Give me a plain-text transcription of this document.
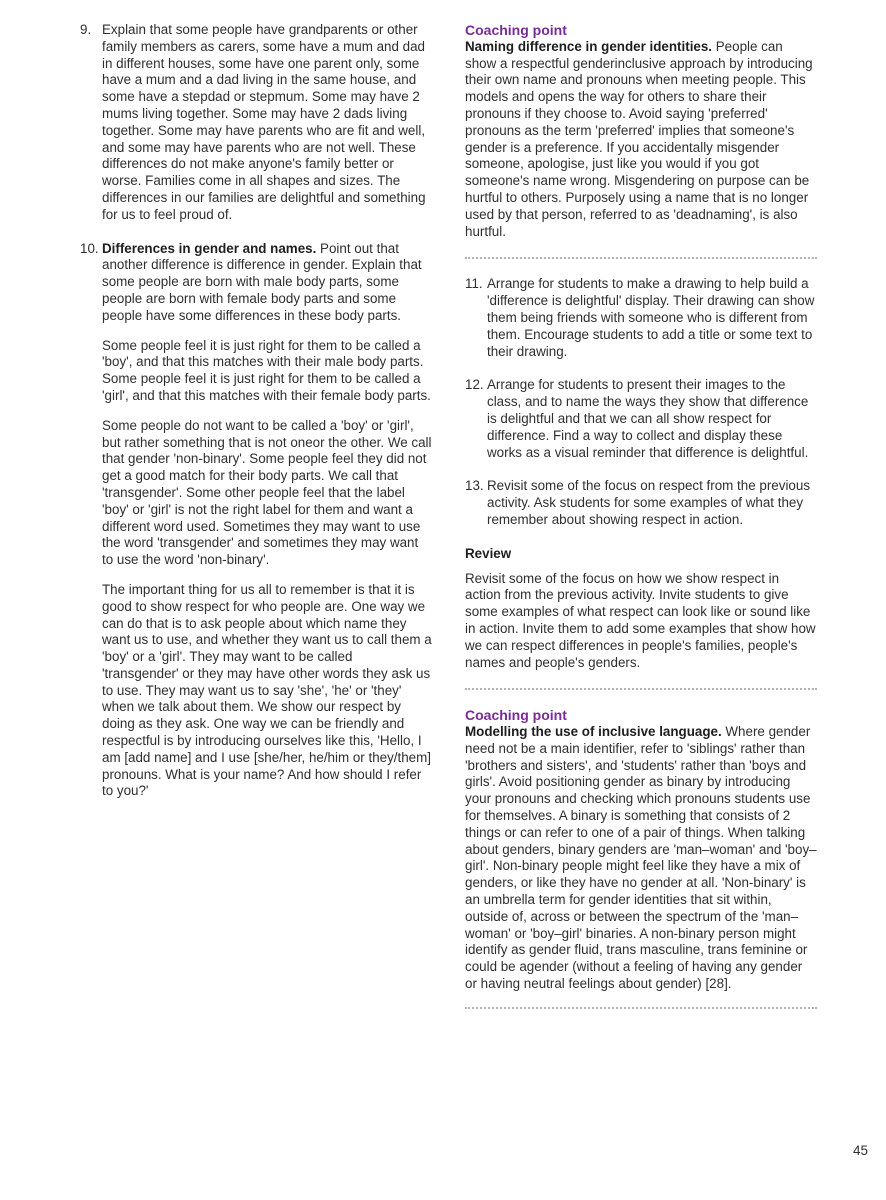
9. Explain that some people have grandparents or other family members as carers, some have a mum and dad in different houses, some have one parent only, some have a mum and a dad living in the same house, and some have a stepdad or stepmum. Some may have 2 mums living together. Some may have 2 dads living together. Some may have parents who are fit and well, and some may have parents who are not well. These differences do not make anyone's family better or worse. Families come in all shapes and sizes. The differences in our families are delightful and something for us to feel proud of.

10. Differences in gender and names. Point out that another difference is difference in gender. Explain that some people are born with male body parts, some people are born with female body parts and some people have some differences in these body parts.

Some people feel it is just right for them to be called a 'boy', and that this matches with their male body parts. Some people feel it is just right for them to be called a 'girl', and that this matches with their female body parts.

Some people do not want to be called a 'boy' or 'girl', but rather something that is not oneor the other. We call that gender 'non-binary'. Some people feel they did not get a good match for their body parts. We call that 'transgender'. Some other people feel that the label 'boy' or 'girl' is not the right label for them and want a different word used. Sometimes they may want to use the word 'transgender' and sometimes they may want to use the word 'non-binary'.

The important thing for us all to remember is that it is good to show respect for who people are. One way we can do that is to ask people about which name they want us to use, and whether they want us to call them a 'boy' or a 'girl'. They may want to be called 'transgender' or they may have other words they ask us to use. They may want us to say 'she', 'he' or 'they' when we talk about them. We show our respect by doing as they ask. One way we can be friendly and respectful is by introducing ourselves like this, 'Hello, I am [add name] and I use [she/her, he/him or they/them] pronouns. What is your name? And how should I refer to you?'

Coaching point

Naming difference in gender identities. People can show a respectful genderinclusive approach by introducing their own name and pronouns when meeting people. This models and opens the way for others to share their pronouns if they choose to. Avoid saying 'preferred' pronouns as the term 'preferred' implies that someone's gender is a preference. If you accidentally misgender someone, apologise, just like you would if you got someone's name wrong. Misgendering on purpose can be hurtful to others. Purposely using a name that is no longer used by that person, referred to as 'deadnaming', is also hurtful.

11. Arrange for students to make a drawing to help build a 'difference is delightful' display. Their drawing can show them being friends with someone who is different from them. Encourage students to add a title or some text to their drawing.
12. Arrange for students to present their images to the class, and to name the ways they show that difference is delightful and that we can all show respect for difference. Find a way to collect and display these works as a visual reminder that difference is delightful.
13. Revisit some of the focus on respect from the previous activity. Ask students for some examples of what they remember about showing respect in action.

Review

Revisit some of the focus on how we show respect in action from the previous activity. Invite students to give some examples of what respect can look like or sound like in action. Invite them to add some examples that show how we can respect differences in people's families, people's names and people's genders.

Coaching point

Modelling the use of inclusive language. Where gender need not be a main identifier, refer to 'siblings' rather than 'brothers and sisters', and 'students' rather than 'boys and girls'. Avoid positioning gender as binary by introducing your pronouns and checking which pronouns students use for themselves. A binary is something that consists of 2 things or can refer to one of a pair of things. When talking about genders, binary genders are 'man–woman' and 'boy–girl'. Non-binary people might feel like they have a mix of genders, or like they have no gender at all. 'Non-binary' is an umbrella term for gender identities that sit within, outside of, across or between the spectrum of the 'man–woman' or 'boy–girl' binaries. A non-binary person might identify as gender fluid, trans masculine, trans feminine or could be agender (without a feeling of having any gender or having neutral feelings about gender) [28].

45
